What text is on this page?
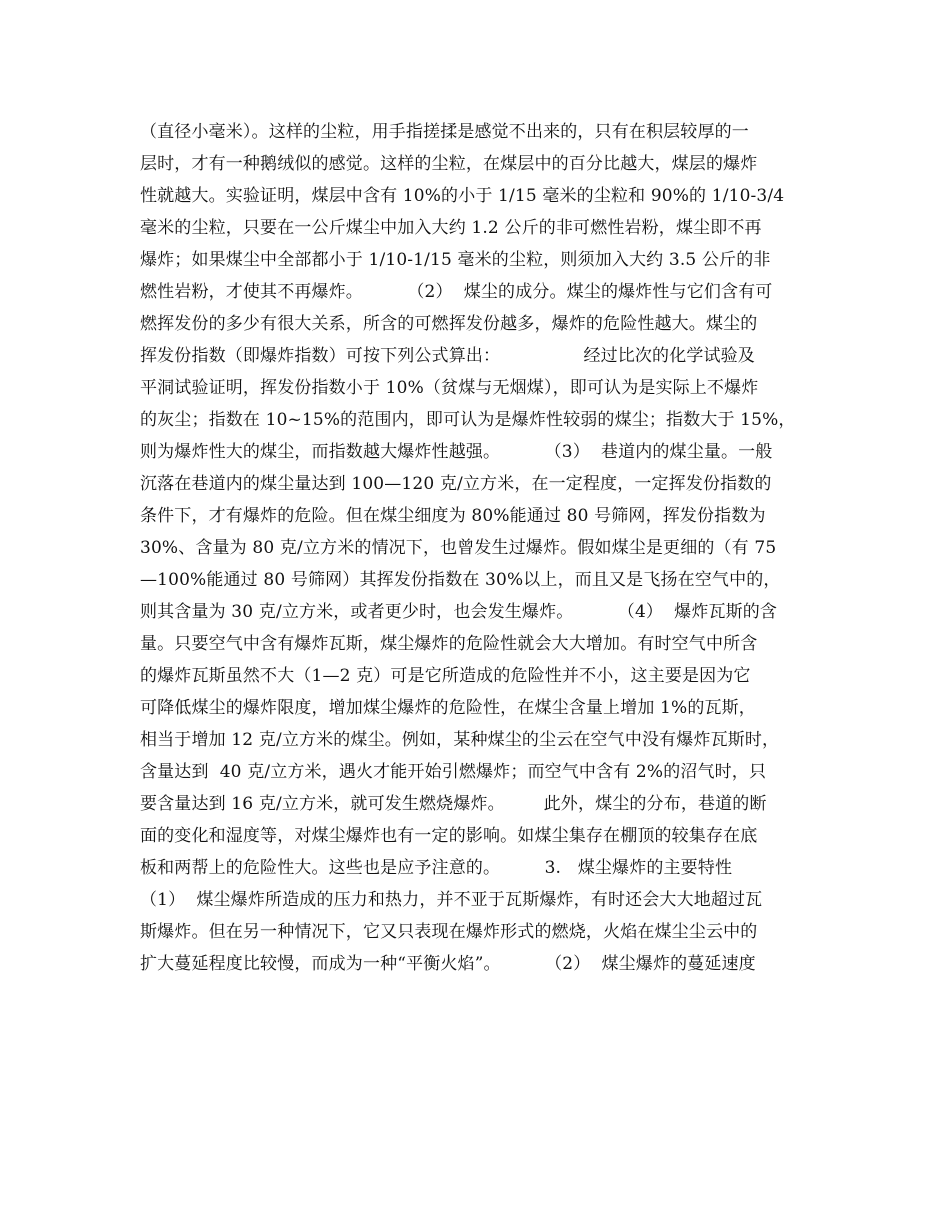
（直径小毫米）。这样的尘粒，用手指搓揉是感觉不出来的，只有在积层较厚的一
层时，才有一种鹅绒似的感觉。这样的尘粒，在煤层中的百分比越大，煤层的爆炸
性就越大。实验证明，煤层中含有 10%的小于 1/15 毫米的尘粒和 90%的 1/10-3/4
毫米的尘粒，只要在一公斤煤尘中加入大约 1.2 公斤的非可燃性岩粉，煤尘即不再
爆炸；如果煤尘中全部都小于 1/10-1/15 毫米的尘粒，则须加入大约 3.5 公斤的非
燃性岩粉，才使其不再爆炸。        （2）  煤尘的成分。煤尘的爆炸性与它们含有可
燃挥发份的多少有很大关系，所含的可燃挥发份越多，爆炸的危险性越大。煤尘的
挥发份指数（即爆炸指数）可按下列公式算出：               经过比次的化学试验及
平洞试验证明，挥发份指数小于 10%（贫煤与无烟煤），即可认为是实际上不爆炸
的灰尘；指数在 10~15%的范围内，即可认为是爆炸性较弱的煤尘；指数大于 15%，
则为爆炸性大的煤尘，而指数越大爆炸性越强。        （3）  巷道内的煤尘量。一般
沉落在巷道内的煤尘量达到 100—120 克/立方米，在一定程度，一定挥发份指数的
条件下，才有爆炸的危险。但在煤尘细度为 80%能通过 80 号筛网，挥发份指数为
30%、含量为 80 克/立方米的情况下，也曾发生过爆炸。假如煤尘是更细的（有 75
—100%能通过 80 号筛网）其挥发份指数在 30%以上，而且又是飞扬在空气中的，
则其含量为 30 克/立方米，或者更少时，也会发生爆炸。        （4）  爆炸瓦斯的含
量。只要空气中含有爆炸瓦斯，煤尘爆炸的危险性就会大大增加。有时空气中所含
的爆炸瓦斯虽然不大（1—2 克）可是它所造成的危险性并不小，这主要是因为它
可降低煤尘的爆炸限度，增加煤尘爆炸的危险性，在煤尘含量上增加 1%的瓦斯，
相当于增加 12 克/立方米的煤尘。例如，某种煤尘的尘云在空气中没有爆炸瓦斯时，
含量达到  40 克/立方米，遇火才能开始引燃爆炸；而空气中含有 2%的沼气时，只
要含量达到 16 克/立方米，就可发生燃烧爆炸。       此外，煤尘的分布，巷道的断
面的变化和湿度等，对煤尘爆炸也有一定的影响。如煤尘集存在棚顶的较集存在底
板和两帮上的危险性大。这些也是应予注意的。        3.   煤尘爆炸的主要特性
（1）  煤尘爆炸所造成的压力和热力，并不亚于瓦斯爆炸，有时还会大大地超过瓦
斯爆炸。但在另一种情况下，它又只表现在爆炸形式的燃烧，火焰在煤尘尘云中的
扩大蔓延程度比较慢，而成为一种“平衡火焰”。        （2）  煤尘爆炸的蔓延速度
